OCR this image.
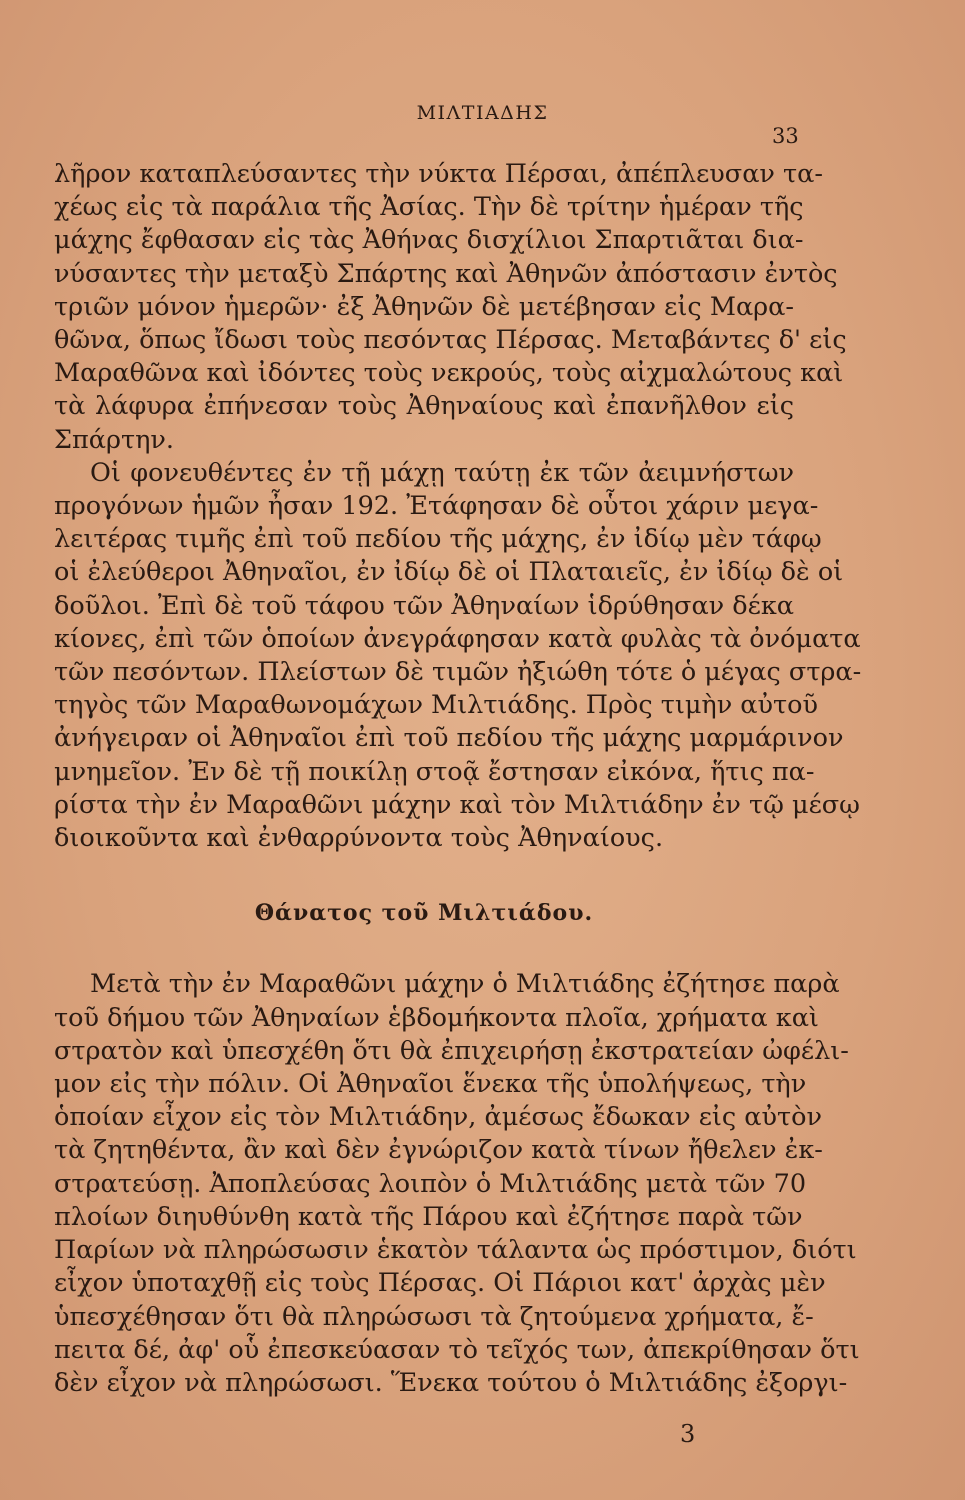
ΜΙΛΤΙΑΔΗΣ
33
λῆρον καταπλεύσαντες τὴν νύκτα Πέρσαι, ἀπέπλευσαν τα-
χέως εἰς τὰ παράλια τῆς Ἀσίας. Τὴν δὲ τρίτην ἡμέραν τῆς
μάχης ἔφθασαν εἰς τὰς Ἀθήνας δισχίλιοι Σπαρτιᾶται δια-
νύσαντες τὴν μεταξὺ Σπάρτης καὶ Ἀθηνῶν ἀπόστασιν ἐντὸς
τριῶν μόνον ἡμερῶν· ἐξ Ἀθηνῶν δὲ μετέβησαν εἰς Μαρα-
θῶνα, ὅπως ἴδωσι τοὺς πεσόντας Πέρσας. Μεταβάντες δ' εἰς
Μαραθῶνα καὶ ἰδόντες τοὺς νεκρούς, τοὺς αἰχμαλώτους καὶ
τὰ λάφυρα ἐπήνεσαν τοὺς Ἀθηναίους καὶ ἐπανῆλθον εἰς
Σπάρτην.
Οἱ φονευθέντες ἐν τῇ μάχῃ ταύτῃ ἐκ τῶν ἀειμνήστων
προγόνων ἡμῶν ἦσαν 192. Ἐτάφησαν δὲ οὗτοι χάριν μεγα-
λειτέρας τιμῆς ἐπὶ τοῦ πεδίου τῆς μάχης, ἐν ἰδίῳ μὲν τάφῳ
οἱ ἐλεύθεροι Ἀθηναῖοι, ἐν ἰδίῳ δὲ οἱ Πλαταιεῖς, ἐν ἰδίῳ δὲ οἱ
δοῦλοι. Ἐπὶ δὲ τοῦ τάφου τῶν Ἀθηναίων ἱδρύθησαν δέκα
κίονες, ἐπὶ τῶν ὁποίων ἀνεγράφησαν κατὰ φυλὰς τὰ ὀνόματα
τῶν πεσόντων. Πλείστων δὲ τιμῶν ἠξιώθη τότε ὁ μέγας στρα-
τηγὸς τῶν Μαραθωνομάχων Μιλτιάδης. Πρὸς τιμὴν αὐτοῦ
ἀνήγειραν οἱ Ἀθηναῖοι ἐπὶ τοῦ πεδίου τῆς μάχης μαρμάρινον
μνημεῖον. Ἐν δὲ τῇ ποικίλῃ στοᾷ ἔστησαν εἰκόνα, ἥτις πα-
ρίστα τὴν ἐν Μαραθῶνι μάχην καὶ τὸν Μιλτιάδην ἐν τῷ μέσῳ
διοικοῦντα καὶ ἐνθαρρύνοντα τοὺς Ἀθηναίους.
Θάνατος τοῦ Μιλτιάδου.
Μετὰ τὴν ἐν Μαραθῶνι μάχην ὁ Μιλτιάδης ἐζήτησε παρὰ
τοῦ δήμου τῶν Ἀθηναίων ἑβδομήκοντα πλοῖα, χρήματα καὶ
στρατὸν καὶ ὑπεσχέθη ὅτι θὰ ἐπιχειρήσῃ ἐκστρατείαν ὠφέλι-
μον εἰς τὴν πόλιν. Οἱ Ἀθηναῖοι ἕνεκα τῆς ὑπολήψεως, τὴν
ὁποίαν εἶχον εἰς τὸν Μιλτιάδην, ἀμέσως ἔδωκαν εἰς αὐτὸν
τὰ ζητηθέντα, ἂν καὶ δὲν ἐγνώριζον κατὰ τίνων ἤθελεν ἐκ-
στρατεύσῃ. Ἀποπλεύσας λοιπὸν ὁ Μιλτιάδης μετὰ τῶν 70
πλοίων διηυθύνθη κατὰ τῆς Πάρου καὶ ἐζήτησε παρὰ τῶν
Παρίων νὰ πληρώσωσιν ἑκατὸν τάλαντα ὡς πρόστιμον, διότι
εἶχον ὑποταχθῇ εἰς τοὺς Πέρσας. Οἱ Πάριοι κατ' ἀρχὰς μὲν
ὑπεσχέθησαν ὅτι θὰ πληρώσωσι τὰ ζητούμενα χρήματα, ἔ-
πειτα δέ, ἀφ' οὗ ἐπεσκεύασαν τὸ τεῖχός των, ἀπεκρίθησαν ὅτι
δὲν εἶχον νὰ πληρώσωσι. Ἕνεκα τούτου ὁ Μιλτιάδης ἐξοργι-
3
